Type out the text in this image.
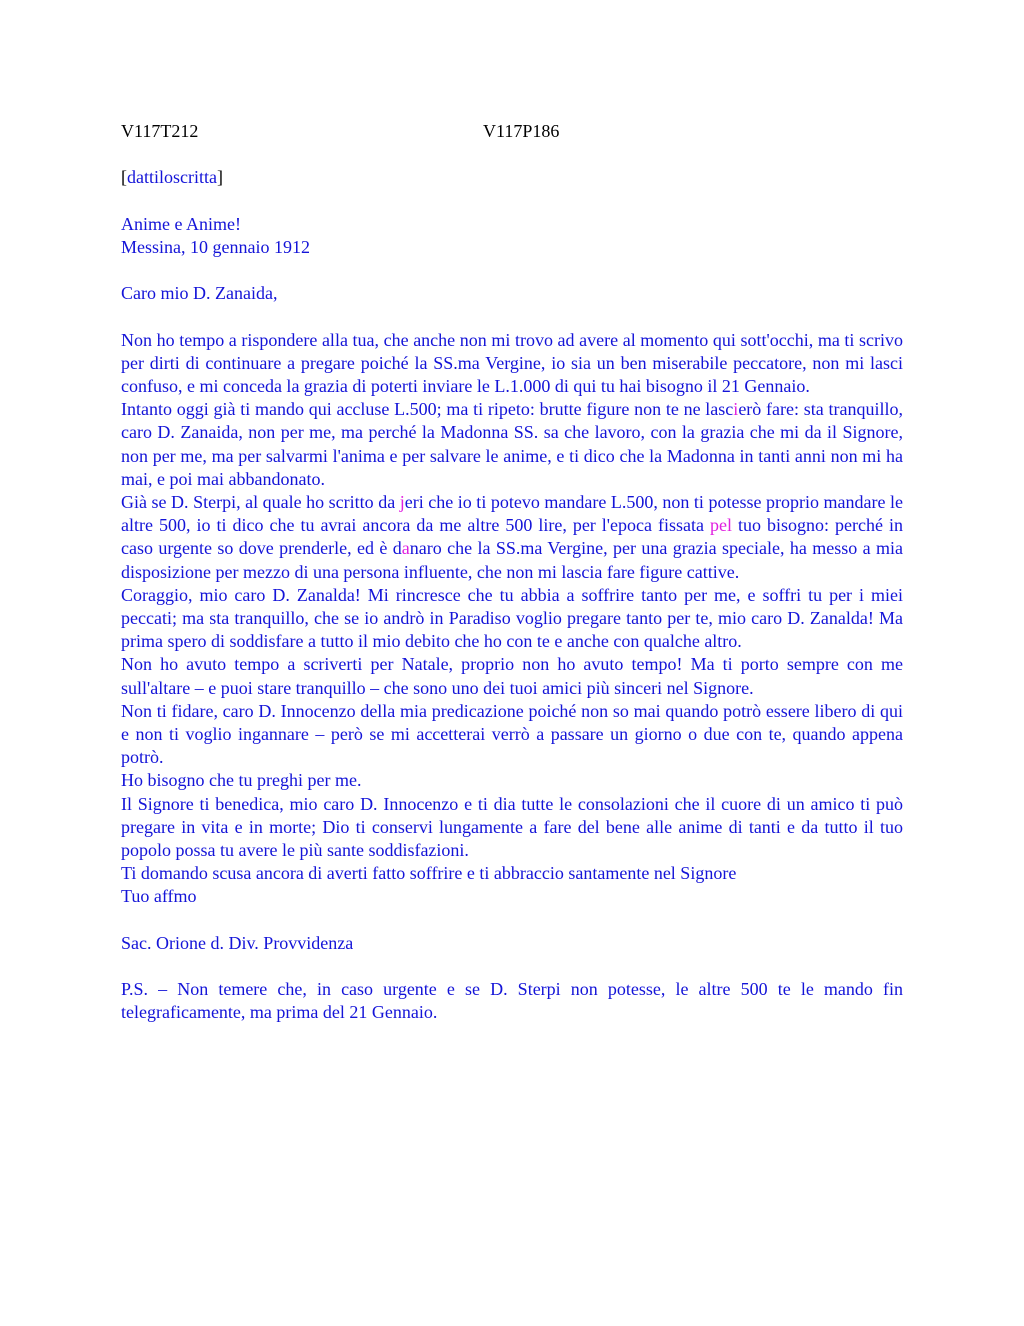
V117T212	V117P186

[dattiloscritta]

Anime e Anime!

Messina, 10 gennaio 1912

Caro mio D. Zanaida,

Non ho tempo a rispondere alla tua, che anche non mi trovo ad avere al momento qui sott'occhi, ma ti scrivo per dirti di continuare a pregare poiché la SS.ma Vergine, io sia un ben miserabile peccatore, non mi lasci confuso, e mi conceda la grazia di poterti inviare le L.1.000 di qui tu hai bisogno il 21 Gennaio.

Intanto oggi già ti mando qui accluse L.500; ma ti ripeto: brutte figure non te ne lascierò fare: sta tranquillo, caro D. Zanaida, non per me, ma perché la Madonna SS. sa che lavoro, con la grazia che mi da il Signore, non per me, ma per salvarmi l'anima e per salvare le anime, e ti dico che la Madonna in tanti anni non mi ha mai, e poi mai abbandonato.

Già se D. Sterpi, al quale ho scritto da jeri che io ti potevo mandare L.500, non ti potesse proprio mandare le altre 500, io ti dico che tu avrai ancora da me altre 500 lire, per l'epoca fissata pel tuo bisogno: perché in caso urgente so dove prenderle, ed è danaro che la SS.ma Vergine, per una grazia speciale, ha messo a mia disposizione per mezzo di una persona influente, che non mi lascia fare figure cattive.

Coraggio, mio caro D. Zanalda! Mi rincresce che tu abbia a soffrire tanto per me, e soffri tu per i miei peccati; ma sta tranquillo, che se io andrò in Paradiso voglio pregare tanto per te, mio caro D. Zanalda! Ma prima spero di soddisfare a tutto il mio debito che ho con te e anche con qualche altro.

Non ho avuto tempo a scriverti per Natale, proprio non ho avuto tempo! Ma ti porto sempre con me sull'altare – e puoi stare tranquillo – che sono uno dei tuoi amici più sinceri nel Signore.

Non ti fidare, caro D. Innocenzo della mia predicazione poiché non so mai quando potrò essere libero di qui e non ti voglio ingannare – però se mi accetterai verrò a passare un giorno o due con te, quando appena potrò.

Ho bisogno che tu preghi per me.

Il Signore ti benedica, mio caro D. Innocenzo e ti dia tutte le consolazioni che il cuore di un amico ti può pregare in vita e in morte; Dio ti conservi lungamente a fare del bene alle anime di tanti e da tutto il tuo popolo possa tu avere le più sante soddisfazioni.

Ti domando scusa ancora di averti fatto soffrire e ti abbraccio santamente nel Signore

Tuo affmo

Sac. Orione d. Div. Provvidenza

P.S. – Non temere che, in caso urgente e se D. Sterpi non potesse, le altre 500 te le mando fin telegraficamente, ma prima del 21 Gennaio.
